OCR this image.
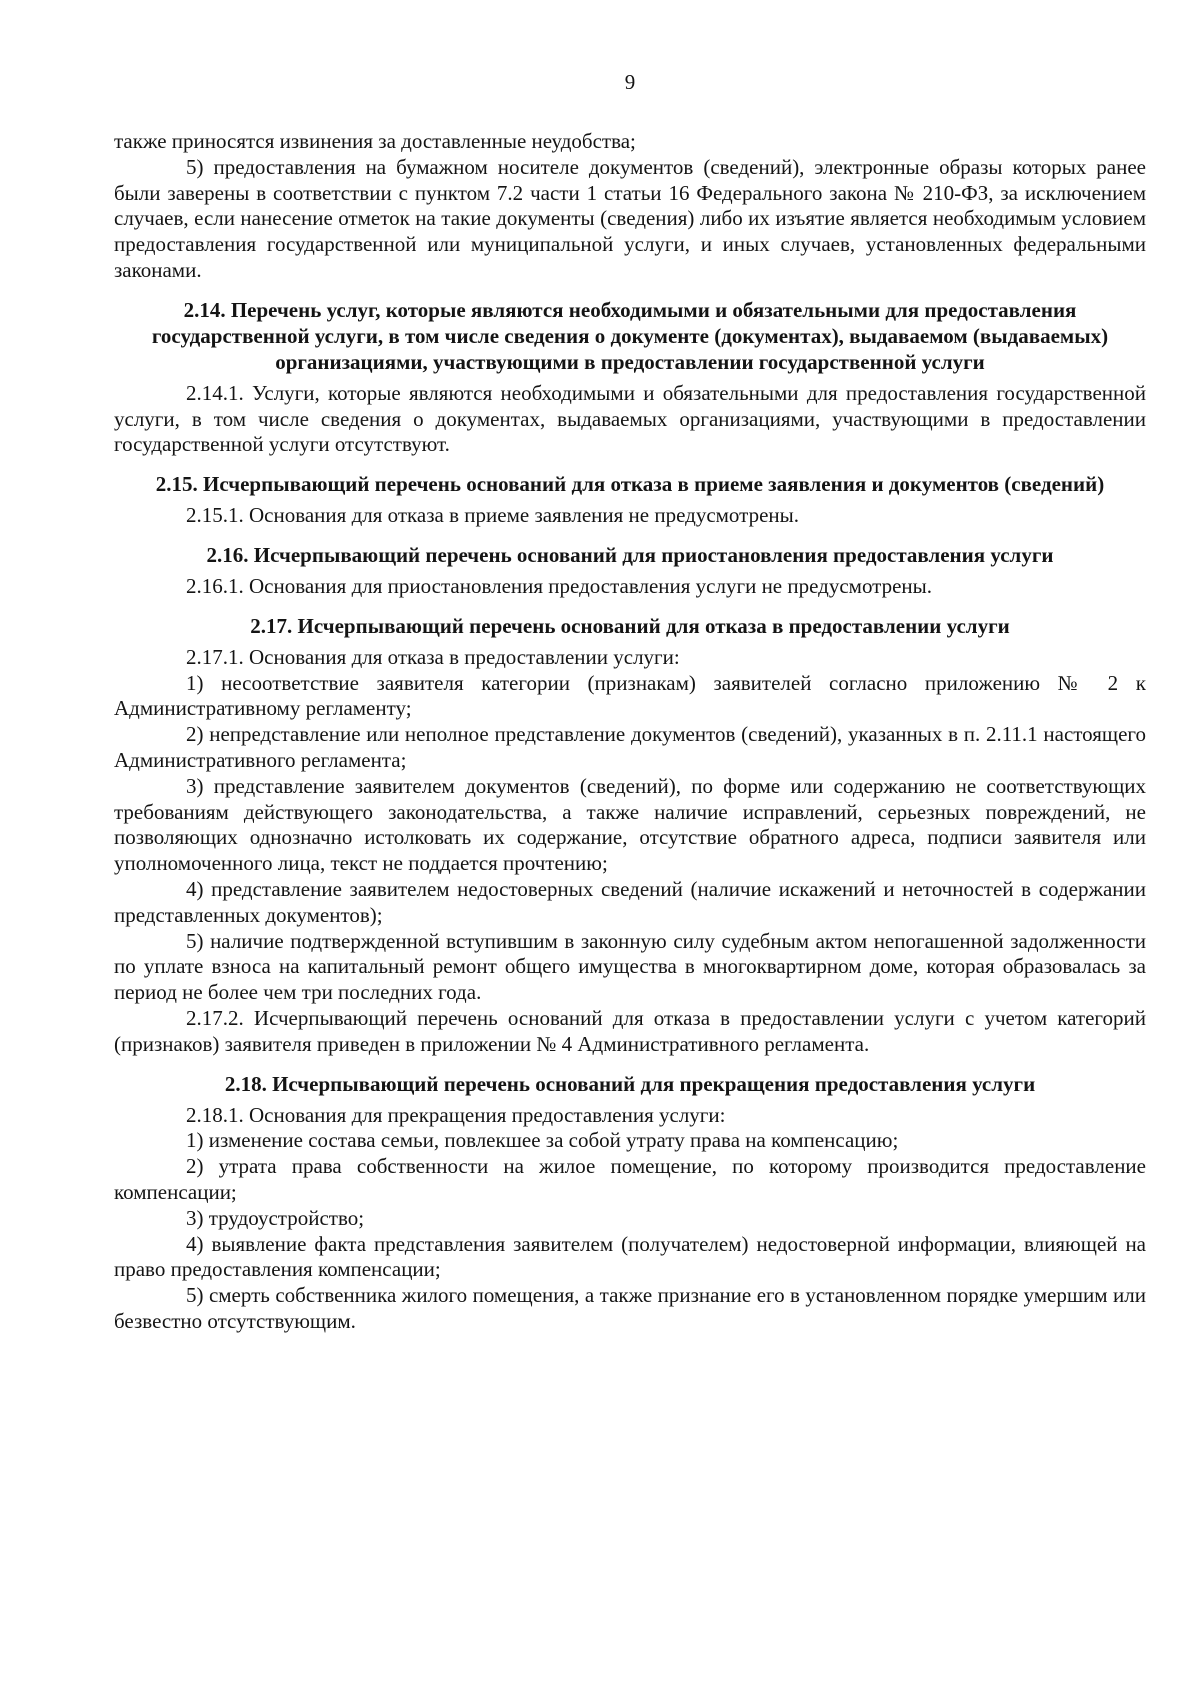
9

также приносятся извинения за доставленные неудобства;

5) предоставления на бумажном носителе документов (сведений), электронные образы которых ранее были заверены в соответствии с пунктом 7.2 части 1 статьи 16 Федерального закона № 210-ФЗ, за исключением случаев, если нанесение отметок на такие документы (сведения) либо их изъятие является необходимым условием предоставления государственной или муниципальной услуги, и иных случаев, установленных федеральными законами.

2.14. Перечень услуг, которые являются необходимыми и обязательными для предоставления государственной услуги, в том числе сведения о документе (документах), выдаваемом (выдаваемых) организациями, участвующими в предоставлении государственной услуги

2.14.1. Услуги, которые являются необходимыми и обязательными для предоставления государственной услуги, в том числе сведения о документах, выдаваемых организациями, участвующими в предоставлении государственной услуги отсутствуют.

2.15. Исчерпывающий перечень оснований для отказа в приеме заявления и документов (сведений)

2.15.1. Основания для отказа в приеме заявления не предусмотрены.

2.16. Исчерпывающий перечень оснований для приостановления предоставления услуги

2.16.1. Основания для приостановления предоставления услуги не предусмотрены.

2.17. Исчерпывающий перечень оснований для отказа в предоставлении услуги

2.17.1. Основания для отказа в предоставлении услуги:

1) несоответствие заявителя категории (признакам) заявителей согласно приложению № 2 к Административному регламенту;

2) непредставление или неполное представление документов (сведений), указанных в п. 2.11.1 настоящего Административного регламента;

3) представление заявителем документов (сведений), по форме или содержанию не соответствующих требованиям действующего законодательства, а также наличие исправлений, серьезных повреждений, не позволяющих однозначно истолковать их содержание, отсутствие обратного адреса, подписи заявителя или уполномоченного лица, текст не поддается прочтению;

4) представление заявителем недостоверных сведений (наличие искажений и неточностей в содержании представленных документов);

5) наличие подтвержденной вступившим в законную силу судебным актом непогашенной задолженности по уплате взноса на капитальный ремонт общего имущества в многоквартирном доме, которая образовалась за период не более чем три последних года.

2.17.2. Исчерпывающий перечень оснований для отказа в предоставлении услуги с учетом категорий (признаков) заявителя приведен в приложении № 4 Административного регламента.

2.18. Исчерпывающий перечень оснований для прекращения предоставления услуги

2.18.1. Основания для прекращения предоставления услуги:

1) изменение состава семьи, повлекшее за собой утрату права на компенсацию;

2) утрата права собственности на жилое помещение, по которому производится предоставление компенсации;

3) трудоустройство;

4) выявление факта представления заявителем (получателем) недостоверной информации, влияющей на право предоставления компенсации;

5) смерть собственника жилого помещения, а также признание его в установленном порядке умершим или безвестно отсутствующим.
